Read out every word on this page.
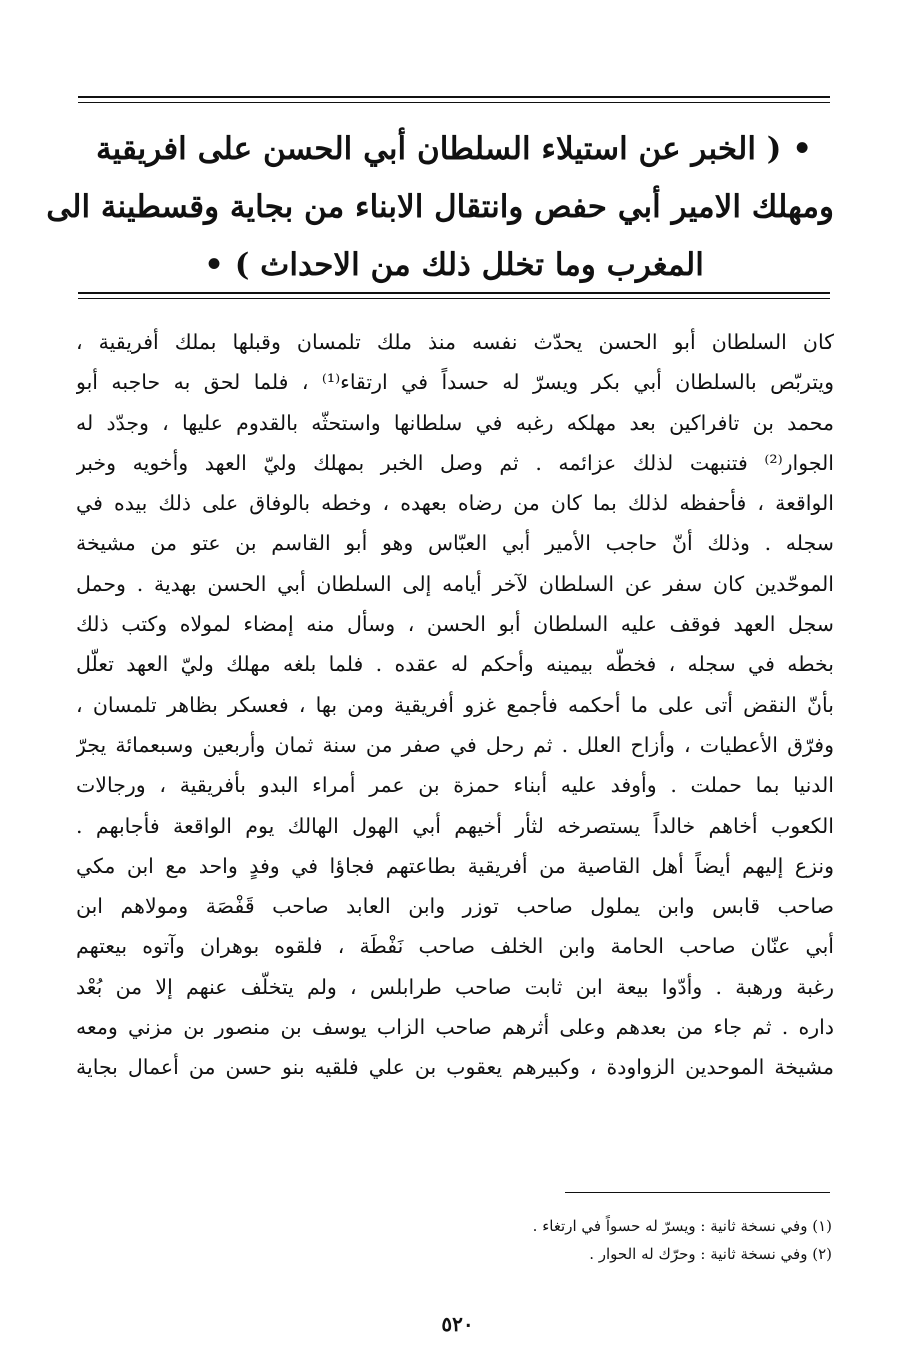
• ( الخبر عن استيلاء السلطان أبي الحسن على افريقية
ومهلك الامير أبي حفص وانتقال الابناء من بجاية وقسطينة الى
المغرب وما تخلل ذلك من الاحداث ) •
كان السلطان أبو الحسن يحدّث نفسه منذ ملك تلمسان وقبلها بملك أفريقية ،
ويتربّص بالسلطان أبي بكر ويسرّ له حسداً في ارتقاء⁽¹⁾ ، فلما لحق به حاجبه أبو
محمد بن تافراكين بعد مهلكه رغبه في سلطانها واستحثّه بالقدوم عليها ، وجدّد له
الجوار⁽²⁾ فتنبهت لذلك عزائمه . ثم وصل الخبر بمهلك وليّ العهد وأخويه وخبر
الواقعة ، فأحفظه لذلك بما كان من رضاه بعهده ، وخطه بالوفاق على ذلك بيده في
سجله . وذلك أنّ حاجب الأمير أبي العبّاس وهو أبو القاسم بن عتو من مشيخة
الموحّدين كان سفر عن السلطان لآخر أيامه إلى السلطان أبي الحسن بهدية . وحمل
سجل العهد فوقف عليه السلطان أبو الحسن ، وسأل منه إمضاء لمولاه وكتب ذلك
بخطه في سجله ، فخطّه بيمينه وأحكم له عقده . فلما بلغه مهلك وليّ العهد تعلّل
بأنّ النقض أتى على ما أحكمه فأجمع غزو أفريقية ومن بها ، فعسكر بظاهر تلمسان ،
وفرّق الأعطيات ، وأزاح العلل . ثم رحل في صفر من سنة ثمان وأربعين وسبعمائة يجرّ
الدنيا بما حملت . وأوفد عليه أبناء حمزة بن عمر أمراء البدو بأفريقية ، ورجالات
الكعوب أخاهم خالداً يستصرخه لثأر أخيهم أبي الهول الهالك يوم الواقعة فأجابهم .
ونزع إليهم أيضاً أهل القاصية من أفريقية بطاعتهم فجاؤا في وفدٍ واحد مع ابن مكي
صاحب قابس وابن يملول صاحب توزر وابن العابد صاحب قَفْصَة ومولاهم ابن
أبي عنّان صاحب الحامة وابن الخلف صاحب نَفْطَة ، فلقوه بوهران وآتوه بيعتهم
رغبة ورهبة . وأدّوا بيعة ابن ثابت صاحب طرابلس ، ولم يتخلّف عنهم إلا من بُعْد
داره . ثم جاء من بعدهم وعلى أثرهم صاحب الزاب يوسف بن منصور بن مزني ومعه
مشيخة الموحدين الزواودة ، وكبيرهم يعقوب بن علي فلقيه بنو حسن من أعمال بجاية
(١) وفي نسخة ثانية : ويسرّ له حسواً في ارتغاء .
(٢) وفي نسخة ثانية : وحرّك له الحوار .
٥٢٠
